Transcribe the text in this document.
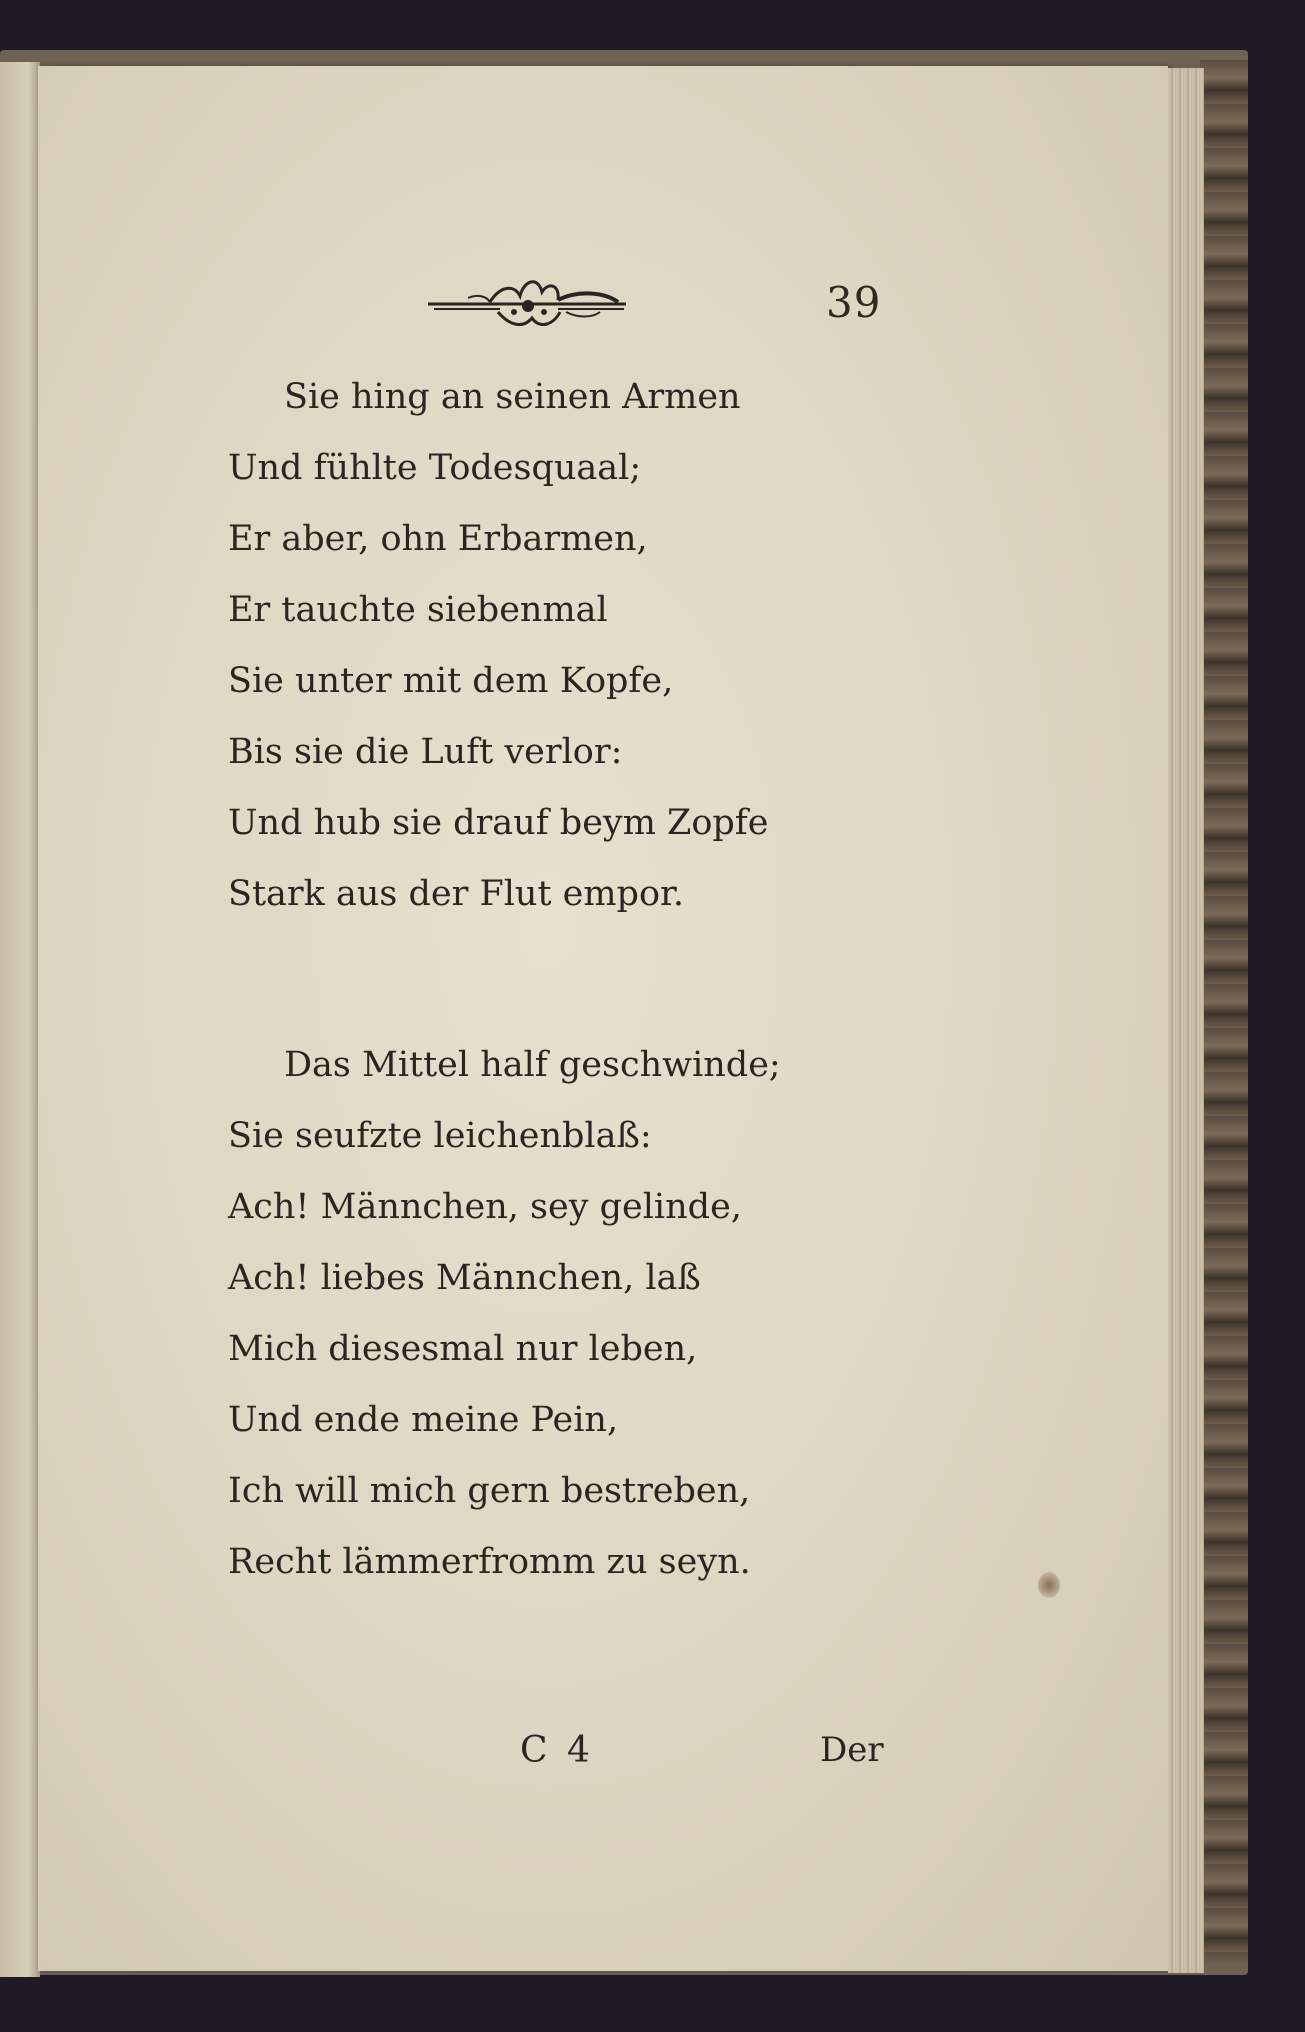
39
Sie hing an seinen Armen
Und fühlte Todesquaal;
Er aber, ohn Erbarmen,
Er tauchte siebenmal
Sie unter mit dem Kopfe,
Bis sie die Luft verlor:
Und hub sie drauf beym Zopfe
Stark aus der Flut empor.
Das Mittel half geschwinde;
Sie seufzte leichenblaß:
Ach! Männchen, sey gelinde,
Ach! liebes Männchen, laß
Mich diesesmal nur leben,
Und ende meine Pein,
Ich will mich gern bestreben,
Recht lämmerfromm zu seyn.
C 4	Der
